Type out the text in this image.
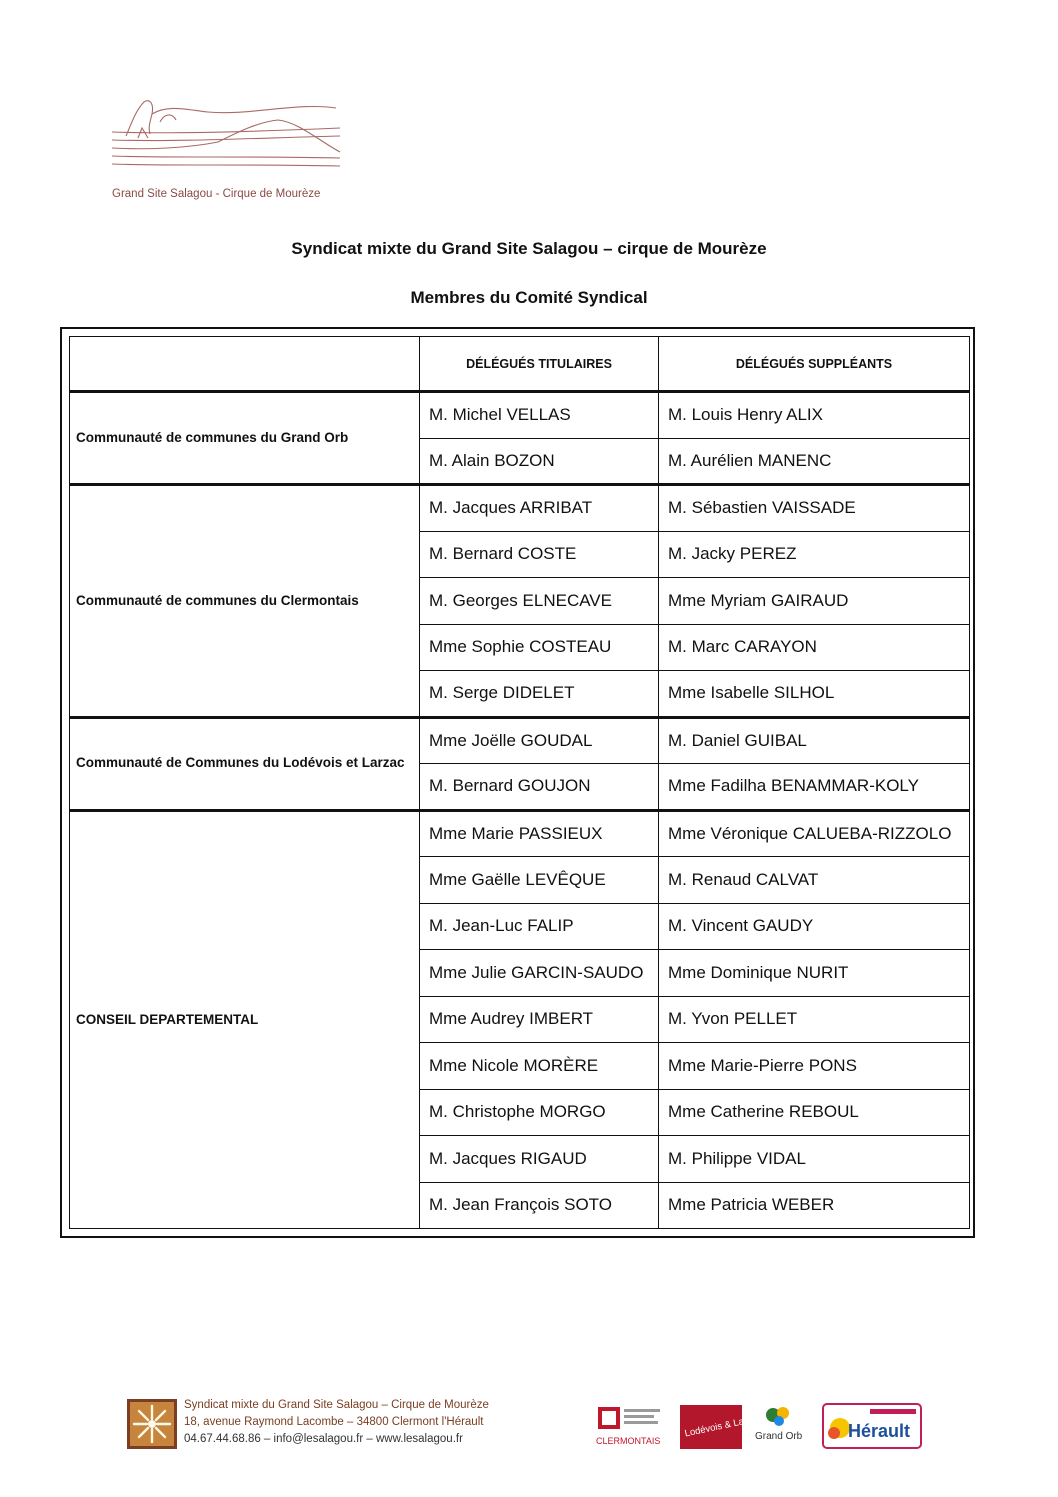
Grand Site Salagou - Cirque de Mourèze
Syndicat mixte du Grand Site Salagou – cirque de Mourèze
Membres du Comité Syndical
	DÉLÉGUÉS TITULAIRES	DÉLÉGUÉS SUPPLÉANTS
Communauté de communes du Grand Orb	M. Michel VELLAS	M. Louis Henry ALIX
	M. Alain BOZON	M. Aurélien MANENC
Communauté de communes du Clermontais	M. Jacques ARRIBAT	M. Sébastien VAISSADE
	M. Bernard COSTE	M. Jacky PEREZ
	M. Georges ELNECAVE	Mme Myriam GAIRAUD
	Mme Sophie COSTEAU	M. Marc CARAYON
	M. Serge DIDELET	Mme Isabelle SILHOL
Communauté de Communes du Lodévois et Larzac	Mme Joëlle GOUDAL	M. Daniel GUIBAL
	M. Bernard GOUJON	Mme Fadilha BENAMMAR-KOLY
CONSEIL DEPARTEMENTAL	Mme Marie PASSIEUX	Mme Véronique CALUEBA-RIZZOLO
	Mme Gaëlle LEVÊQUE	M. Renaud CALVAT
	M. Jean-Luc FALIP	M. Vincent GAUDY
	Mme Julie GARCIN-SAUDO	Mme Dominique NURIT
	Mme Audrey IMBERT	M. Yvon PELLET
	Mme Nicole MORÈRE	Mme Marie-Pierre PONS
	M. Christophe MORGO	Mme Catherine REBOUL
	M. Jacques RIGAUD	M. Philippe VIDAL
	M. Jean François SOTO	Mme Patricia WEBER
Syndicat mixte du Grand Site Salagou – Cirque de Mourèze
18, avenue Raymond Lacombe – 34800 Clermont l'Hérault
04.67.44.68.86 – info@lesalagou.fr – www.lesalagou.fr	CLERMONTAIS
Lodévois & Larzac
Grand Orb	Hérault
